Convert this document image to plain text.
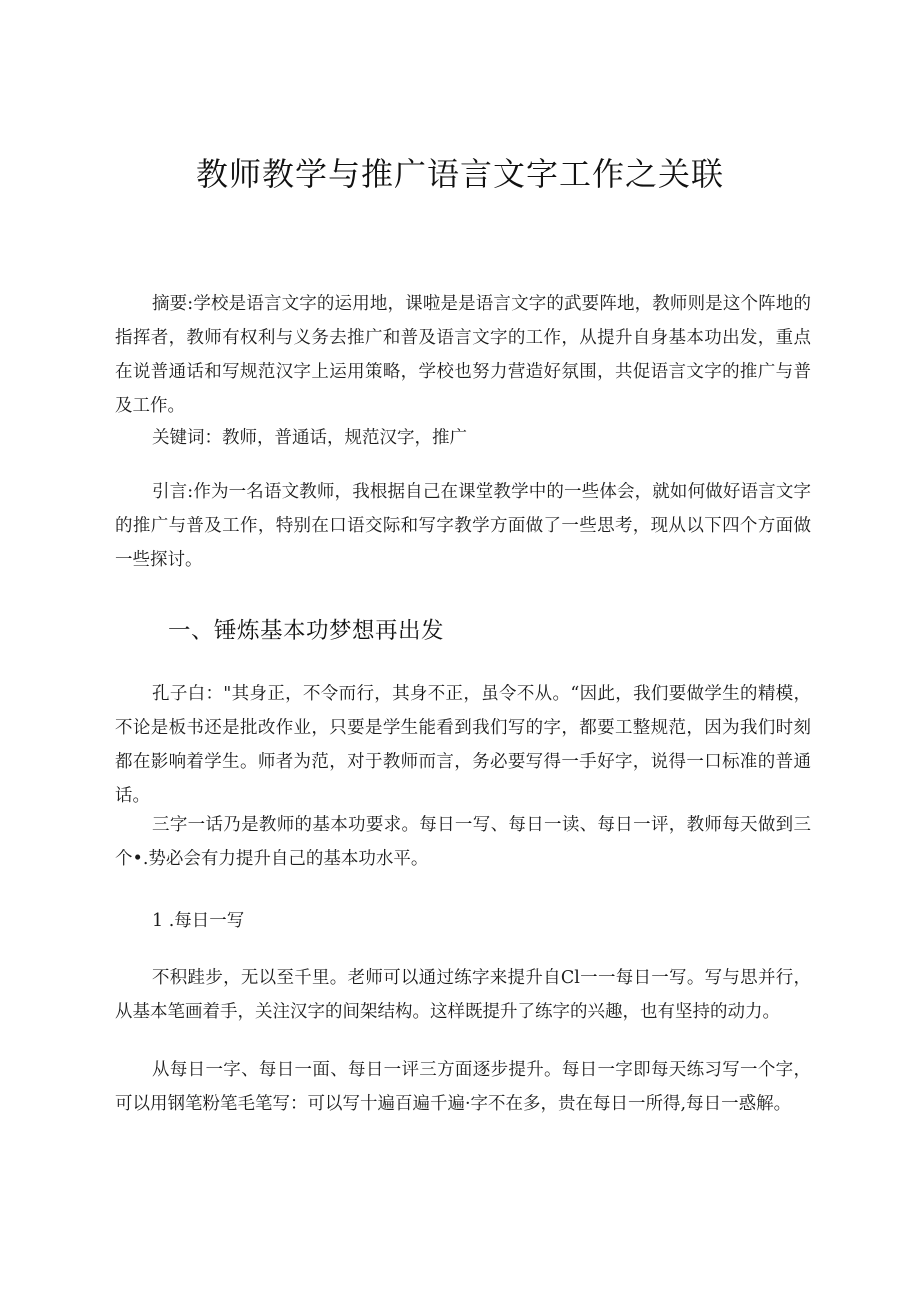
教师教学与推广语言文字工作之关联

摘要:学校是语言文字的运用地，课啦是是语言文字的武要阵地，教师则是这个阵地的指挥者，教师有权利与义务去推广和普及语言文字的工作，从提升自身基本功出发，重点在说普通话和写规范汉字上运用策略，学校也努力营造好氛围，共促语言文字的推广与普及工作。

关键词：教师，普通话，规范汉字，推广

引言:作为一名语文教师，我根据自己在课堂教学中的一些体会，就如何做好语言文字的推广与普及工作，特别在口语交际和写字教学方面做了一些思考，现从以下四个方面做一些探讨。

一、锤炼基本功梦想再出发

孔子白："其身正，不令而行，其身不正，虽令不从。“因此，我们要做学生的精模，不论是板书还是批改作业，只要是学生能看到我们写的字，都要工整规范，因为我们时刻都在影响着学生。师者为范，对于教师而言，务必要写得一手好字，说得一口标准的普通话。

三字一话乃是教师的基本功要求。每日一写、每日一读、每日一评，教师每天做到三个•.势必会有力提升自己的基本功水平。

1 .每日一写

不积跬步，无以至千里。老师可以通过练字来提升自Cl一一每日一写。写与思并行，从基本笔画着手，关注汉字的间架结构。这样既提升了练字的兴趣，也有坚持的动力。

从每日一字、每日一面、每日一评三方面逐步提升。每日一字即每天练习写一个字，可以用钢笔粉笔毛笔写：可以写十遍百遍千遍·字不在多，贵在每日一所得,每日一惑解。
